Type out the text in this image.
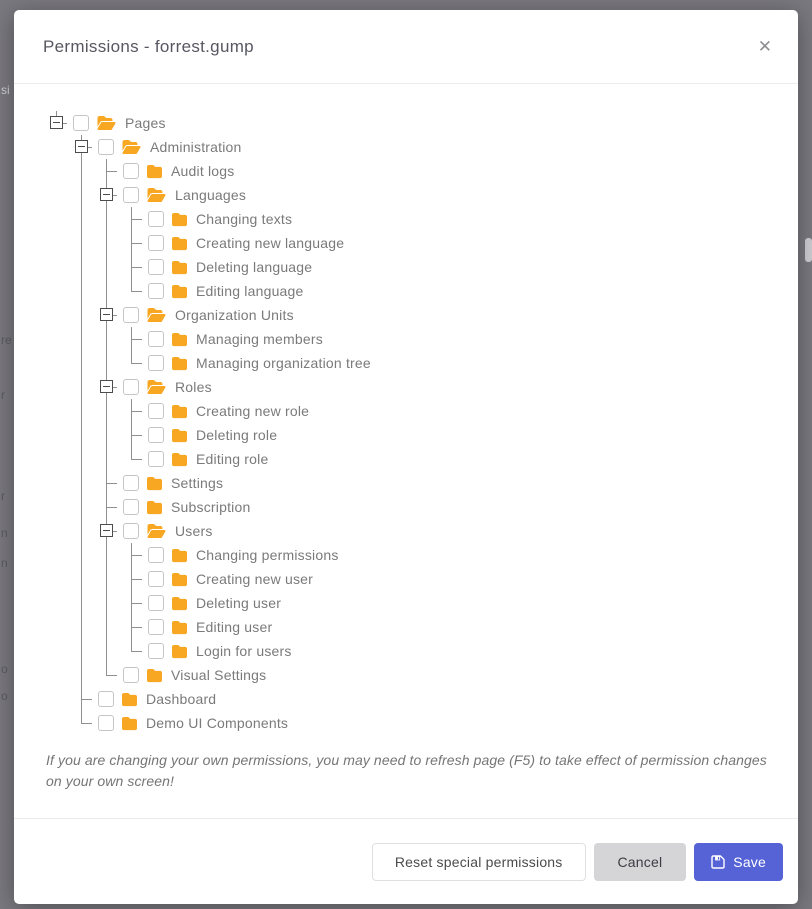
si
re
r
r
n
n
o
o
Permissions - forrest.gump	✕
Pages
Administration
Audit logs
Languages
Changing texts
Creating new language
Deleting language
Editing language
Organization Units
Managing members
Managing organization tree
Roles
Creating new role
Deleting role
Editing role
Settings
Subscription
Users
Changing permissions
Creating new user
Deleting user
Editing user
Login for users
Visual Settings
Dashboard
Demo UI Components

If you are changing your own permissions, you may need to refresh page (F5) to take effect of permission changes on your own screen!

Reset special permissions	Cancel	Save
